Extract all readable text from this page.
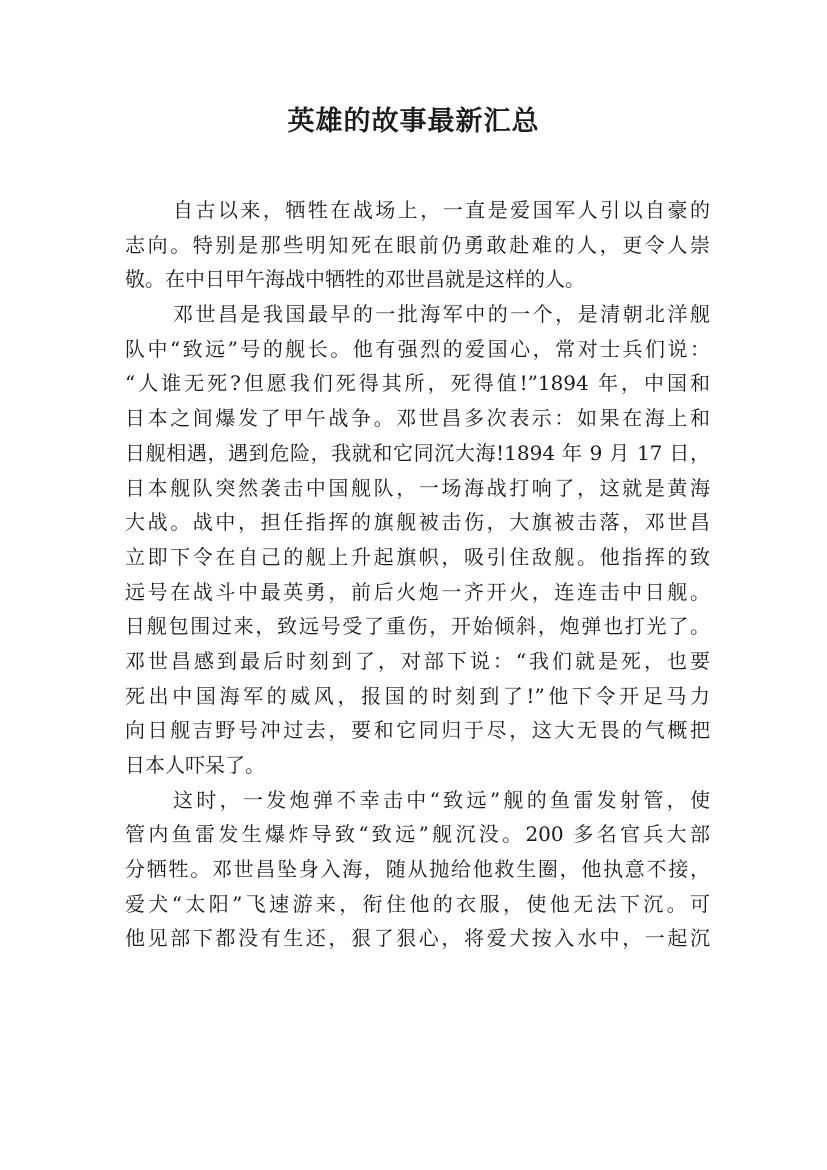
英雄的故事最新汇总
自古以来，牺牲在战场上，一直是爱国军人引以自豪的
志向。特别是那些明知死在眼前仍勇敢赴难的人，更令人崇
敬。在中日甲午海战中牺牲的邓世昌就是这样的人。
邓世昌是我国最早的一批海军中的一个，是清朝北洋舰
队中“致远”号的舰长。他有强烈的爱国心，常对士兵们说：
“人谁无死?但愿我们死得其所，死得值!”1894 年，中国和
日本之间爆发了甲午战争。邓世昌多次表示：如果在海上和
日舰相遇，遇到危险，我就和它同沉大海!1894 年 9 月 17 日，
日本舰队突然袭击中国舰队，一场海战打响了，这就是黄海
大战。战中，担任指挥的旗舰被击伤，大旗被击落，邓世昌
立即下令在自己的舰上升起旗帜，吸引住敌舰。他指挥的致
远号在战斗中最英勇，前后火炮一齐开火，连连击中日舰。
日舰包围过来，致远号受了重伤，开始倾斜，炮弹也打光了。
邓世昌感到最后时刻到了，对部下说：“我们就是死，也要
死出中国海军的威风，报国的时刻到了!”他下令开足马力
向日舰吉野号冲过去，要和它同归于尽，这大无畏的气概把
日本人吓呆了。
这时，一发炮弹不幸击中“致远”舰的鱼雷发射管，使
管内鱼雷发生爆炸导致“致远”舰沉没。200 多名官兵大部
分牺牲。邓世昌坠身入海，随从抛给他救生圈，他执意不接，
爱犬“太阳”飞速游来，衔住他的衣服，使他无法下沉。可
他见部下都没有生还，狠了狠心，将爱犬按入水中，一起沉
